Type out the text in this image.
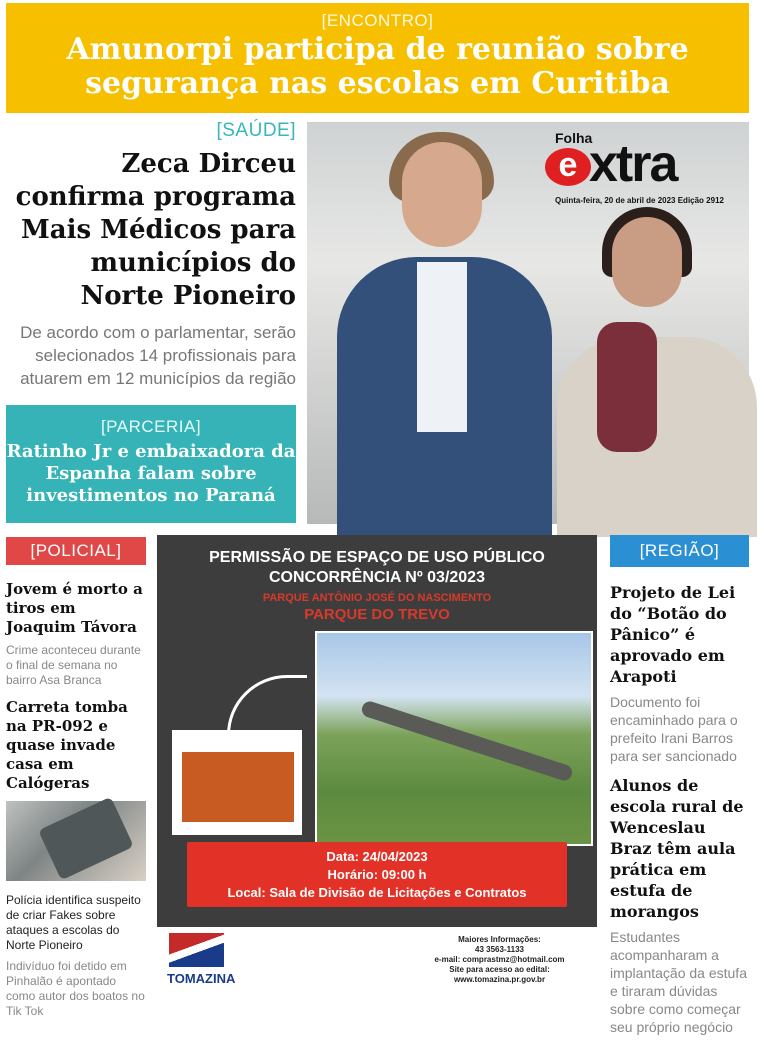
[ENCONTRO]
Amunorpi participa de reunião sobre
segurança nas escolas em Curitiba
[SAÚDE]
Zeca Dirceu confirma programa Mais Médicos para municípios do Norte Pioneiro

De acordo com o parlamentar, serão selecionados 14 profissionais para atuarem em 12 municípios da região

[PARCERIA]
Ratinho Jr e embaixadora da Espanha falam sobre investimentos no Paraná
Folha
e xtra
Quinta-feira, 20 de abril de 2023 Edição 2912
[POLICIAL]
Jovem é morto a tiros em Joaquim Távora

Crime aconteceu durante o final de semana no bairro Asa Branca

Carreta tomba na PR-092 e quase invade casa em Calógeras

Polícia identifica suspeito de criar Fakes sobre ataques a escolas do Norte Pioneiro

Indivíduo foi detido em Pinhalão é apontado como autor dos boatos no Tik Tok

PERMISSÃO DE ESPAÇO DE USO PÚBLICO
CONCORRÊNCIA Nº 03/2023
PARQUE ANTÔNIO JOSÉ DO NASCIMENTO
PARQUE DO TREVO
Data: 24/04/2023
Horário: 09:00 h
Local: Sala de Divisão de Licitações e Contratos
TOMAZINA
Maiores Informações:
43 3563-1133
e-mail: comprastmz@hotmail.com
Site para acesso ao edital:
www.tomazina.pr.gov.br
[REGIÃO]
Projeto de Lei do “Botão do Pânico” é aprovado em Arapoti

Documento foi encaminhado para o prefeito Irani Barros para ser sancionado

Alunos de escola rural de Wenceslau Braz têm aula prática em estufa de morangos

Estudantes acompanharam a implantação da estufa e tiraram dúvidas sobre como começar seu próprio negócio
